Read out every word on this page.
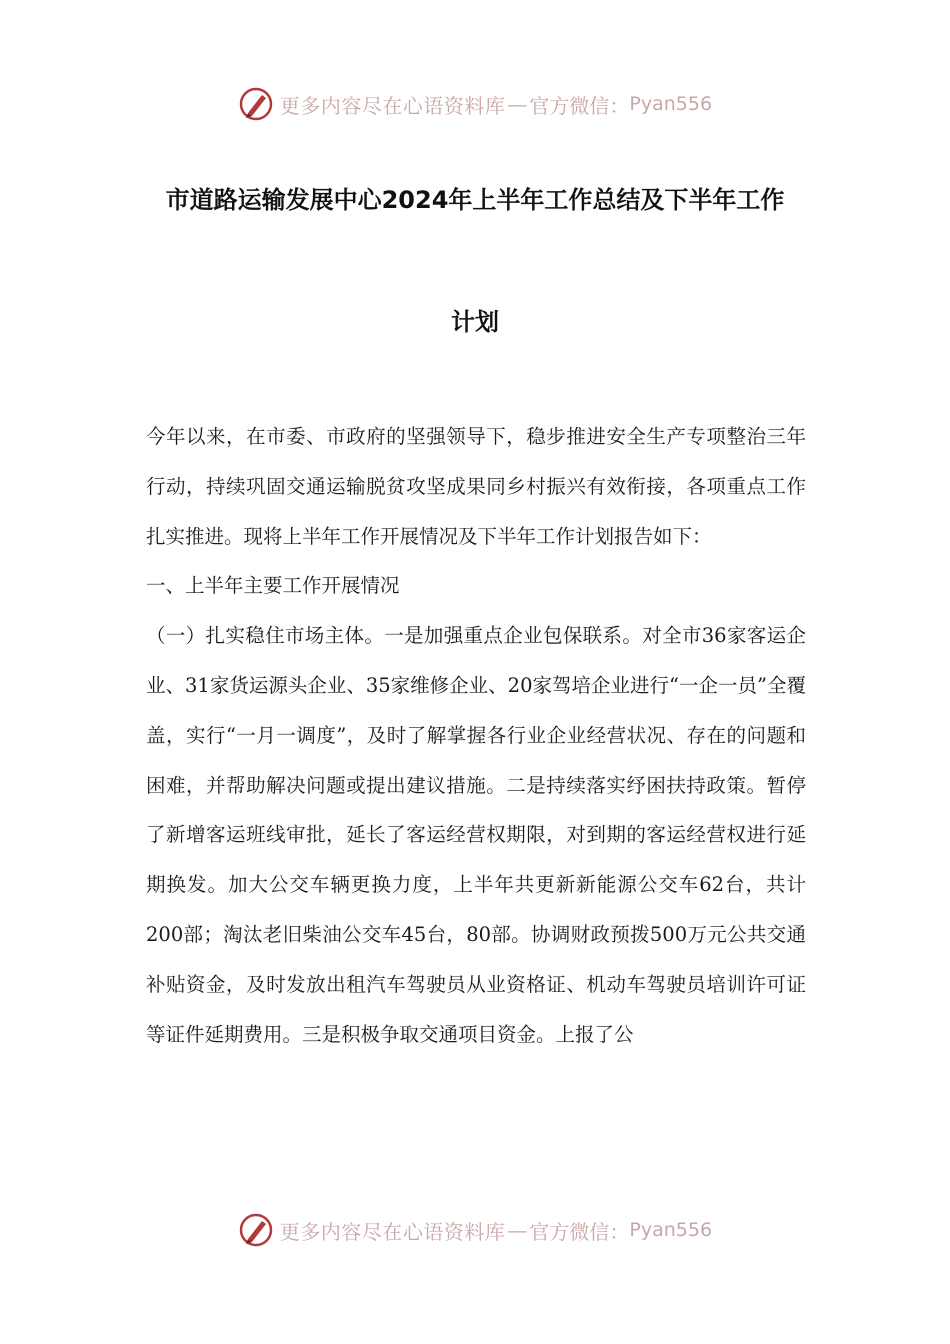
更多内容尽在心语资料库 — 官方微信： Pyan556
市道路运输发展中心2024年上半年工作总结及下半年工作
计划

今年以来，在市委、市政府的坚强领导下，稳步推进安全生产专项整治三年行动，持续巩固交通运输脱贫攻坚成果同乡村振兴有效衔接，各项重点工作扎实推进。现将上半年工作开展情况及下半年工作计划报告如下：

一、上半年主要工作开展情况

（一）扎实稳住市场主体。一是加强重点企业包保联系。对全市36家客运企业、31家货运源头企业、35家维修企业、20家驾培企业进行“一企一员”全覆盖，实行“一月一调度”，及时了解掌握各行业企业经营状况、存在的问题和困难，并帮助解决问题或提出建议措施。二是持续落实纾困扶持政策。暂停了新增客运班线审批，延长了客运经营权期限，对到期的客运经营权进行延期换发。加大公交车辆更换力度，上半年共更新新能源公交车62台，共计200部；淘汰老旧柴油公交车45台，80部。协调财政预拨500万元公共交通补贴资金，及时发放出租汽车驾驶员从业资格证、机动车驾驶员培训许可证等证件延期费用。三是积极争取交通项目资金。上报了公

更多内容尽在心语资料库 — 官方微信： Pyan556
